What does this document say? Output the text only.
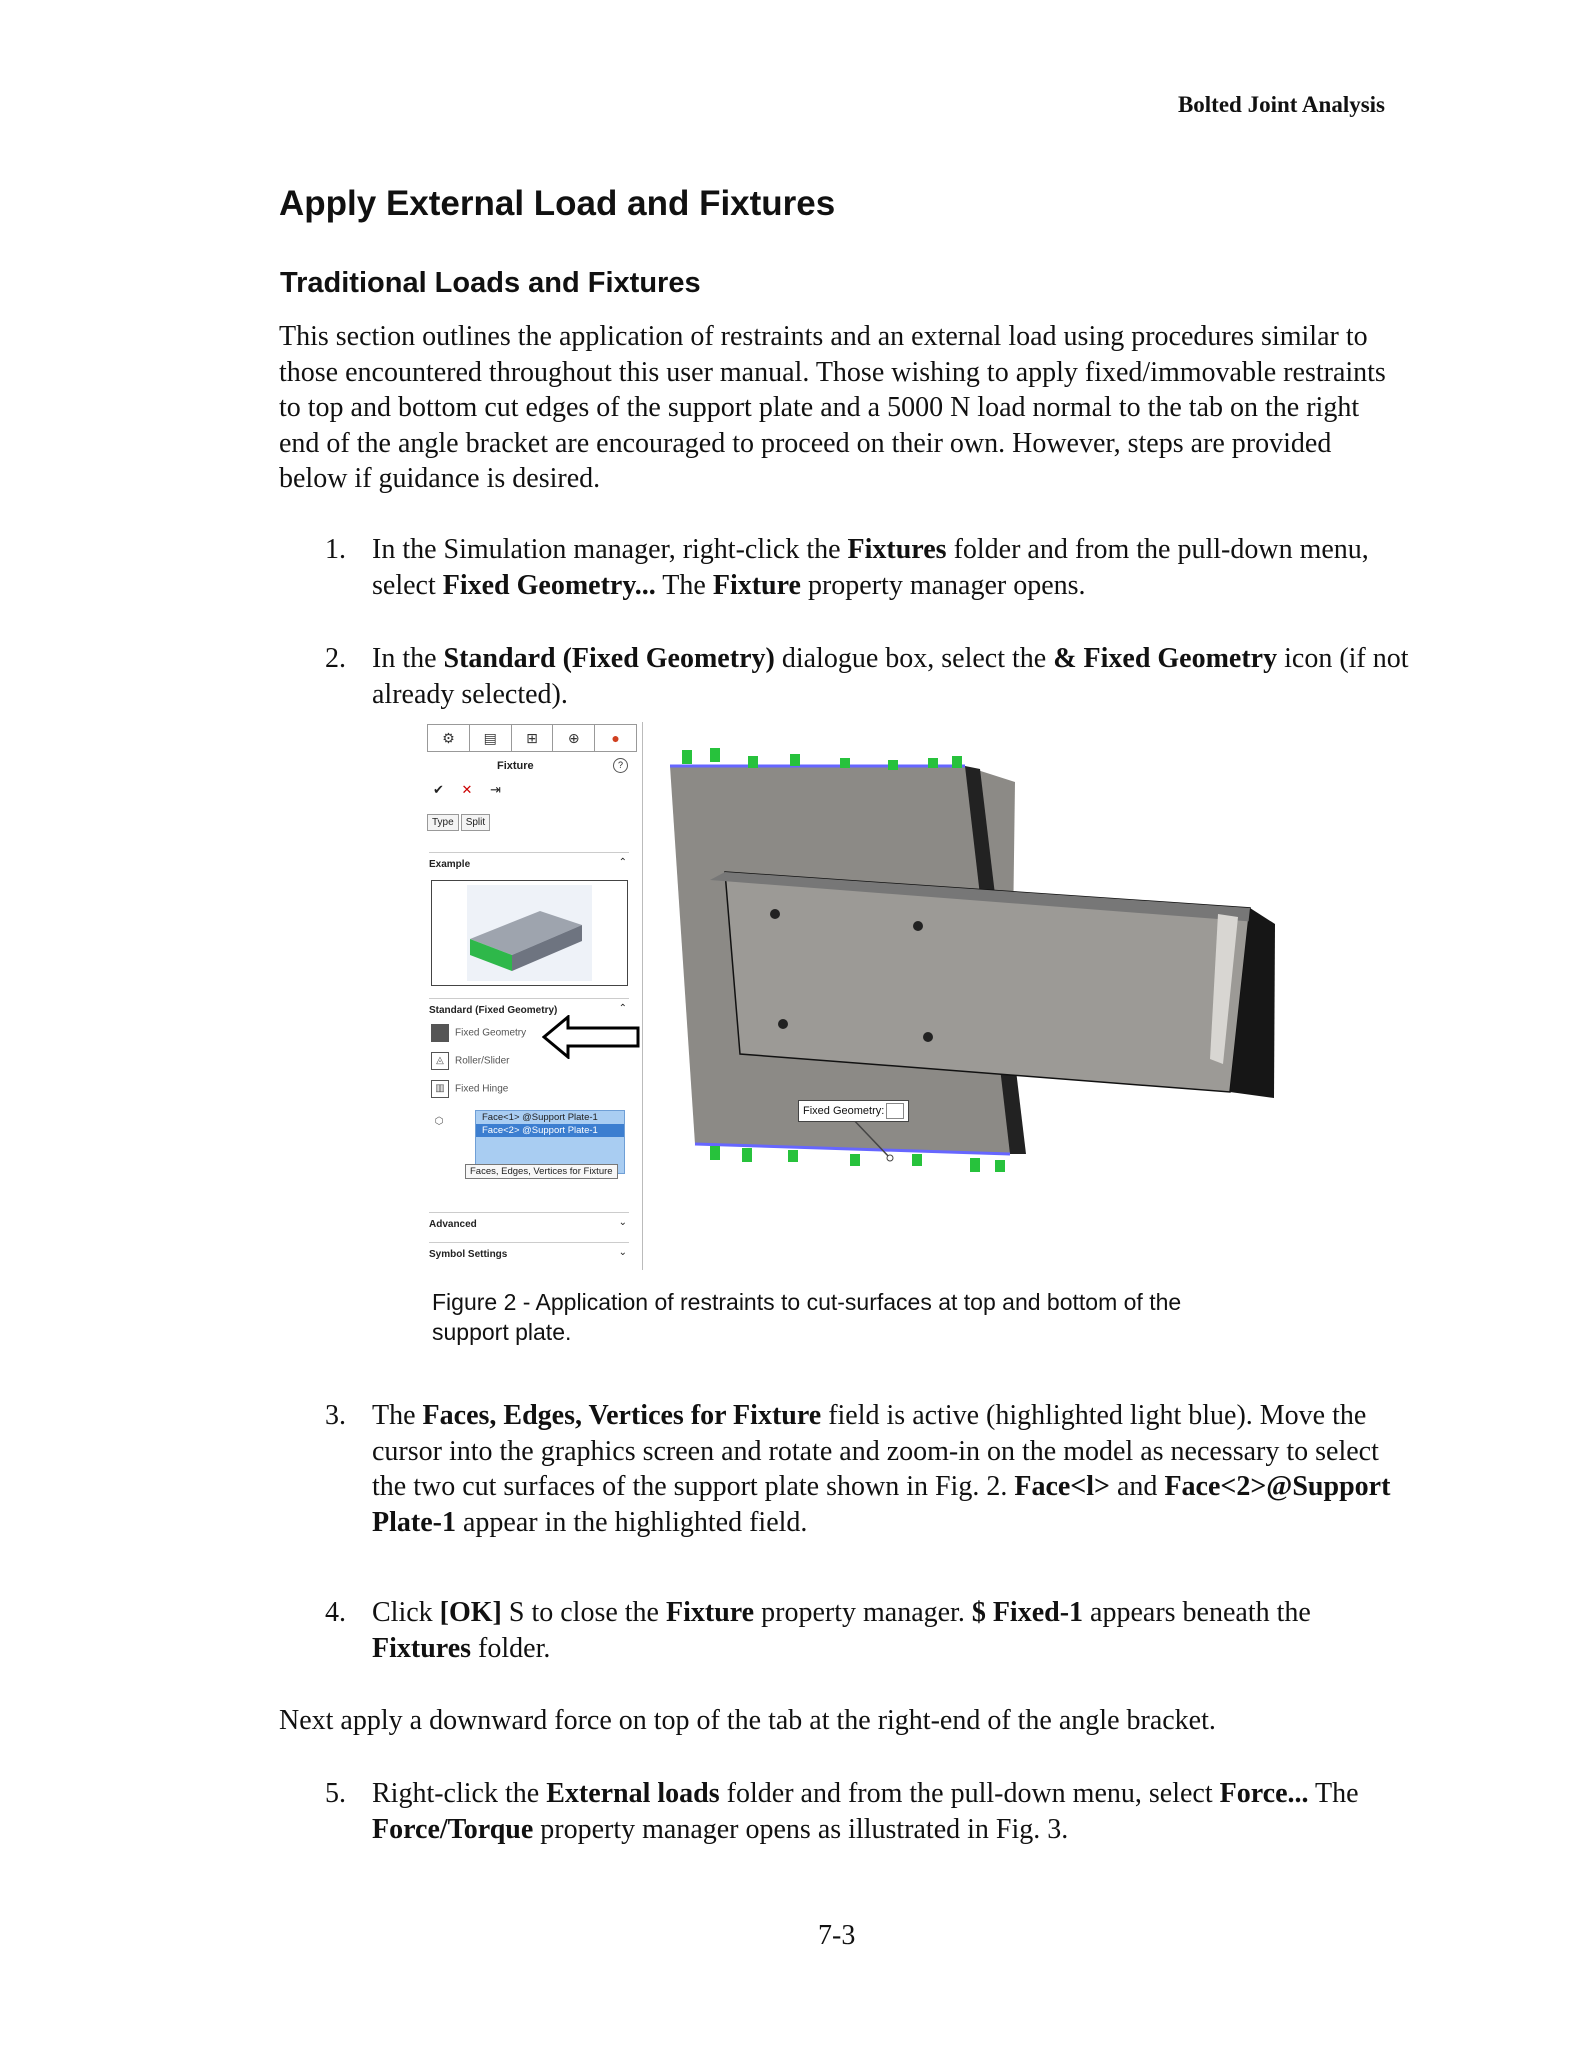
Bolted Joint Analysis
Apply External Load and Fixtures
Traditional Loads and Fixtures

This section outlines the application of restraints and an external load using procedures similar to those encountered throughout this user manual. Those wishing to apply fixed/immovable restraints to top and bottom cut edges of the support plate and a 5000 N load normal to the tab on the right end of the angle bracket are encouraged to proceed on their own. However, steps are provided below if guidance is desired.

1. In the Simulation manager, right-click the Fixtures folder and from the pull-down menu, select Fixed Geometry... The Fixture property manager opens.
2. In the Standard (Fixed Geometry) dialogue box, select the & Fixed Geometry icon (if not already selected).
⚙	▤	⊞	⊕	●
Fixture	?
✔ ✕ ⇥
Type	Split
Example	⌃
Standard (Fixed Geometry)	⌃
Fixed Geometry
◬ Roller/Slider
▥ Fixed Hinge
⬡	Face<1> @Support Plate-1
Face<2> @Support Plate-1
Faces, Edges, Vertices for Fixture
Advanced	⌄
Symbol Settings	⌄
Fixed Geometry:
Figure 2 - Application of restraints to cut-surfaces at top and bottom of the support plate.
3. The Faces, Edges, Vertices for Fixture field is active (highlighted light blue). Move the cursor into the graphics screen and rotate and zoom-in on the model as necessary to select the two cut surfaces of the support plate shown in Fig. 2. Face<l> and Face<2>@Support Plate-1 appear in the highlighted field.
4. Click [OK] S to close the Fixture property manager. $ Fixed-1 appears beneath the Fixtures folder.

Next apply a downward force on top of the tab at the right-end of the angle bracket.

5. Right-click the External loads folder and from the pull-down menu, select Force... The Force/Torque property manager opens as illustrated in Fig. 3.
7-3
